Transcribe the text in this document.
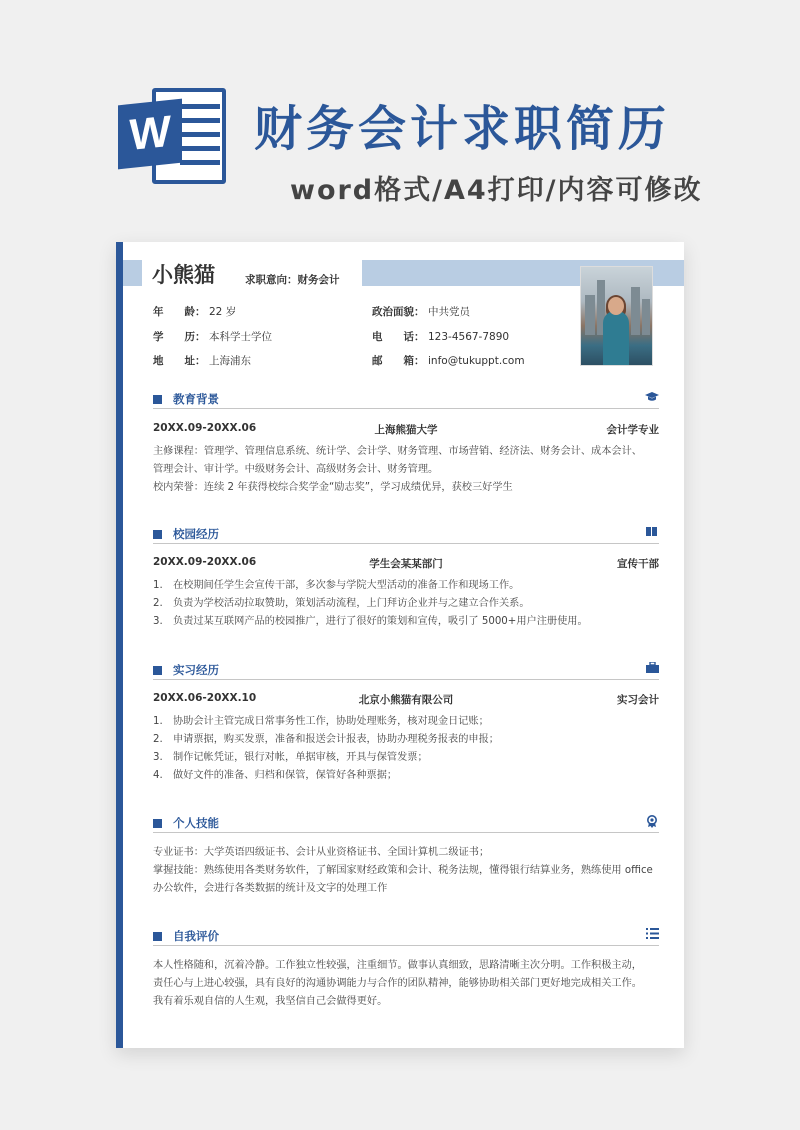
W 财务会计求职简历
word格式/A4打印/内容可修改
小熊猫	求职意向：财务会计
年　　龄： 22 岁
学　　历： 本科学士学位
地　　址： 上海浦东
政治面貌： 中共党员
电　　话： 123-4567-7890
邮　　箱： info@tukuppt.com
教育背景
20XX.09-20XX.06	上海熊猫大学	会计学专业

主修课程：管理学、管理信息系统、统计学、会计学、财务管理、市场营销、经济法、财务会计、成本会计、

管理会计、审计学。中级财务会计、高级财务会计、财务管理。

校内荣誉：连续 2 年获得校综合奖学金“励志奖”，学习成绩优异，获校三好学生

校园经历
20XX.09-20XX.06	学生会某某部门	宣传干部
1. 在校期间任学生会宣传干部，多次参与学院大型活动的准备工作和现场工作。
2. 负责为学校活动拉取赞助，策划活动流程，上门拜访企业并与之建立合作关系。
3. 负责过某互联网产品的校园推广，进行了很好的策划和宣传，吸引了 5000+用户注册使用。
实习经历
20XX.06-20XX.10	北京小熊猫有限公司	实习会计
1. 协助会计主管完成日常事务性工作，协助处理账务，核对现金日记账；
2. 申请票据，购买发票，准备和报送会计报表，协助办理税务报表的申报；
3. 制作记帐凭证，银行对帐，单据审核，开具与保管发票；
4. 做好文件的准备、归档和保管，保管好各种票据；
个人技能

专业证书：大学英语四级证书、会计从业资格证书、全国计算机二级证书；

掌握技能：熟练使用各类财务软件，了解国家财经政策和会计、税务法规，懂得银行结算业务，熟练使用 office

办公软件，会进行各类数据的统计及文字的处理工作

自我评价

本人性格随和，沉着冷静。工作独立性较强，注重细节。做事认真细致，思路清晰主次分明。工作积极主动，

责任心与上进心较强，具有良好的沟通协调能力与合作的团队精神，能够协助相关部门更好地完成相关工作。

我有着乐观自信的人生观，我坚信自己会做得更好。
